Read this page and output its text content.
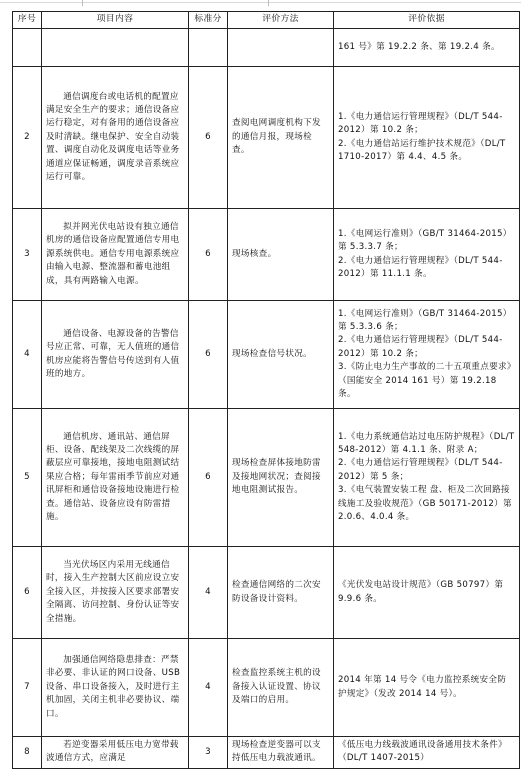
序号	项目内容	标准分	评价方法	评价依据

				161 号》第 19.2.2 条、第 19.2.4 条。

2	通信调度台或电话机的配置应满足安全生产的要求；通信设备应运行稳定，对有备用的通信设备应及时清缺。继电保护、安全自动装置、调度自动化及调度电话等业务通道应保证畅通，调度录音系统应运行可靠。	6	查阅电网调度机构下发的通信月报，现场检查。	1.《电力通信运行管理规程》（DL/T 544-2012）第 10.2 条；
2.《电力通信站运行维护技术规范》（DL/T 1710-2017）第 4.4、4.5 条。

3	拟并网光伏电站设有独立通信机房的通信设备应配置通信专用电源系统供电。通信专用电源系统应由输入电源、整流器和蓄电池组成，具有两路输入电源。	6	现场核查。	1.《电网运行准则》（GB/T 31464-2015）第 5.3.3.7 条；
2.《电力通信运行管理规程》（DL/T 544-2012）第 11.1.1 条。

4	通信设备、电源设备的告警信号应正常、可靠，无人值班的通信机房应能将告警信号传送到有人值班的地方。	6	现场检查信号状况。	1.《电网运行准则》（GB/T 31464-2015）第 5.3.3.6 条；
2.《电力通信运行管理规程》（DL/T 544-2012）第 10.2 条；
3.《防止电力生产事故的二十五项重点要求》（国能安全 2014 161 号）第 19.2.18 条。

5	通信机房、通讯站、通信屏柜、设备、配线架及二次线缆的屏蔽层应可靠接地，接地电阻测试结果应合格；每年雷雨季节前应对通讯屏柜和通信设备接地设施进行检查。通信站、设备应设有防雷措施。	6	现场检查屏体接地防雷及接地网状况；查阅接地电阻测试报告。	1.《电力系统通信站过电压防护规程》（DL/T 548-2012）第 4.1.1 条、附录 A；
2.《电力通信运行管理规程》（DL/T 544-2012）第 5 条；
3.《电气装置安装工程 盘、柜及二次回路接线施工及验收规范》（GB 50171-2012）第 2.0.6、4.0.4 条。

6	当光伏场区内采用无线通信时，接入生产控制大区前应设立安全接入区，并按接入区要求部署安全隔离、访问控制、身份认证等安全措施。	4	检查通信网络的二次安防设备设计资料。	《光伏发电站设计规范》（GB 50797）第 9.9.6 条。

7	加强通信网络隐患排查：严禁非必要、非认证的网口设备、USB 设备、串口设备接入，及时进行主机加固，关闭主机非必要协议、端口。	4	检查监控系统主机的设备接入认证设置、协议及端口的启用。	2014 年第 14 号令《电力监控系统安全防护规定》（发改 2014 14 号）。

8	若逆变器采用低压电力宽带载波通信方式，应满足	3	现场检查逆变器可以支持低压电力载波通讯。	《低压电力线载波通讯设备通用技术条件》（DL/T 1407-2015）
